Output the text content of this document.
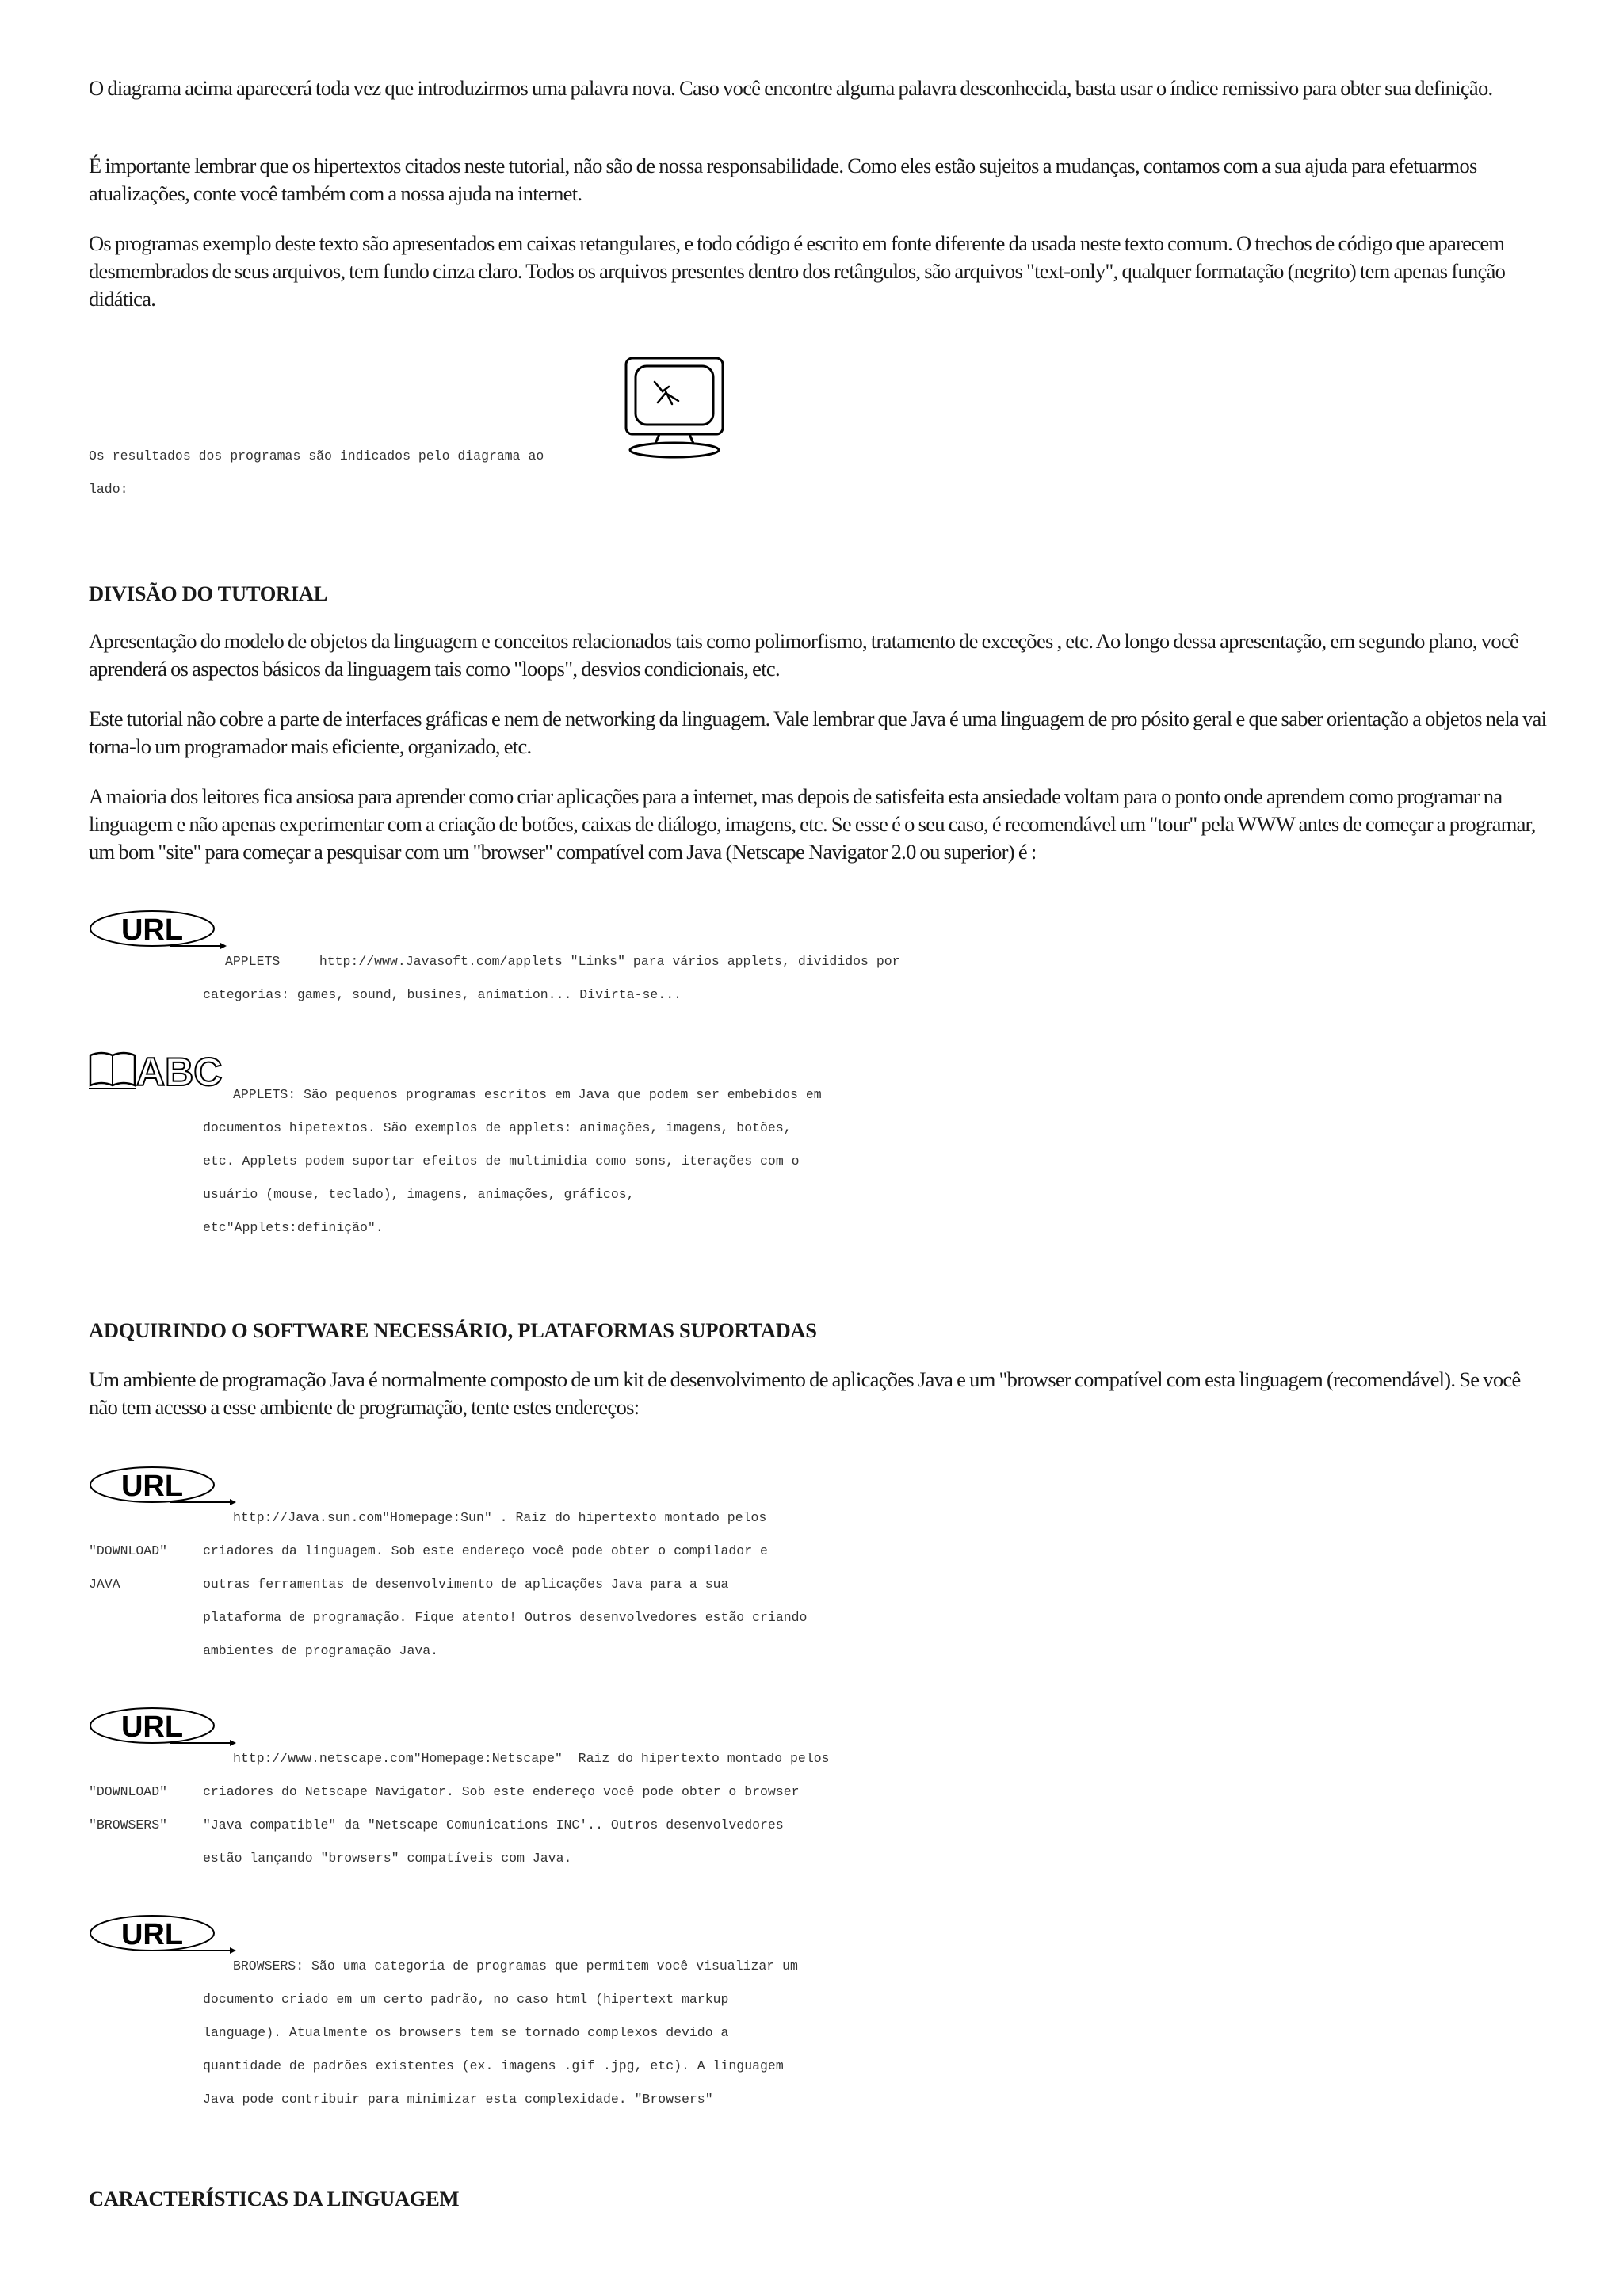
O diagrama acima aparecerá toda vez que introduzirmos uma palavra nova. Caso você encontre alguma palavra desconhecida, basta usar o índice remissivo para obter sua definição.

É importante lembrar que os hipertextos citados neste tutorial, não são de nossa responsabilidade. Como eles estão sujeitos a mudanças, contamos com a sua ajuda para efetuarmos atualizações, conte você também com a nossa ajuda na internet.

Os programas exemplo deste texto são apresentados em caixas retangulares, e todo código é escrito em fonte diferente da usada neste texto comum. O trechos de código que aparecem desmembrados de seus arquivos, tem fundo cinza claro. Todos os arquivos presentes dentro dos retângulos, são arquivos "text-only", qualquer formatação (negrito) tem apenas função didática.

Os resultados dos programas são indicados pelo diagrama ao
lado:
DIVISÃO DO TUTORIAL

Apresentação do modelo de objetos da linguagem e conceitos relacionados tais como polimorfismo, tratamento de exceções , etc. Ao longo dessa apresentação, em segundo plano, você aprenderá os aspectos básicos da linguagem tais como "loops", desvios condicionais, etc.

Este tutorial não cobre a parte de interfaces gráficas e nem de networking da linguagem. Vale lembrar que Java é uma linguagem de pro pósito geral e que saber orientação a objetos nela vai torna-lo um programador mais eficiente, organizado, etc.

A maioria dos leitores fica ansiosa para aprender como criar aplicações para a internet, mas depois de satisfeita esta ansiedade voltam para o ponto onde aprendem como programar na linguagem e não apenas experimentar com a criação de botões, caixas de diálogo, imagens, etc. Se esse é o seu caso, é recomendável um "tour" pela WWW antes de começar a programar, um bom "site" para começar a pesquisar com um "browser" compatível com Java (Netscape Navigator 2.0 ou superior) é :

URL
APPLETS     http://www.Javasoft.com/applets "Links" para vários applets, divididos por
categorias: games, sound, busines, animation... Divirta-se...
ABC
APPLETS: São pequenos programas escritos em Java que podem ser embebidos em
documentos hipetextos. São exemplos de applets: animações, imagens, botões,
etc. Applets podem suportar efeitos de multimidia como sons, iterações com o
usuário (mouse, teclado), imagens, animações, gráficos,
etc"Applets:definição".
ADQUIRINDO O SOFTWARE NECESSÁRIO, PLATAFORMAS SUPORTADAS

Um ambiente de programação Java é normalmente composto de um kit de desenvolvimento de aplicações Java e um "browser compatível com esta linguagem (recomendável). Se você não tem acesso a esse ambiente de programação, tente estes endereços:

URL
http://Java.sun.com"Homepage:Sun" . Raiz do hipertexto montado pelos
"DOWNLOAD"	criadores da linguagem. Sob este endereço você pode obter o compilador e
JAVA	outras ferramentas de desenvolvimento de aplicações Java para a sua
plataforma de programação. Fique atento! Outros desenvolvedores estão criando
ambientes de programação Java.
URL
http://www.netscape.com"Homepage:Netscape"  Raiz do hipertexto montado pelos
"DOWNLOAD"	criadores do Netscape Navigator. Sob este endereço você pode obter o browser
"BROWSERS"	"Java compatible" da "Netscape Comunications INC'.. Outros desenvolvedores
estão lançando "browsers" compatíveis com Java.
URL
BROWSERS: São uma categoria de programas que permitem você visualizar um
documento criado em um certo padrão, no caso html (hipertext markup
language). Atualmente os browsers tem se tornado complexos devido a
quantidade de padrões existentes (ex. imagens .gif .jpg, etc). A linguagem
Java pode contribuir para minimizar esta complexidade. "Browsers"
CARACTERÍSTICAS DA LINGUAGEM
